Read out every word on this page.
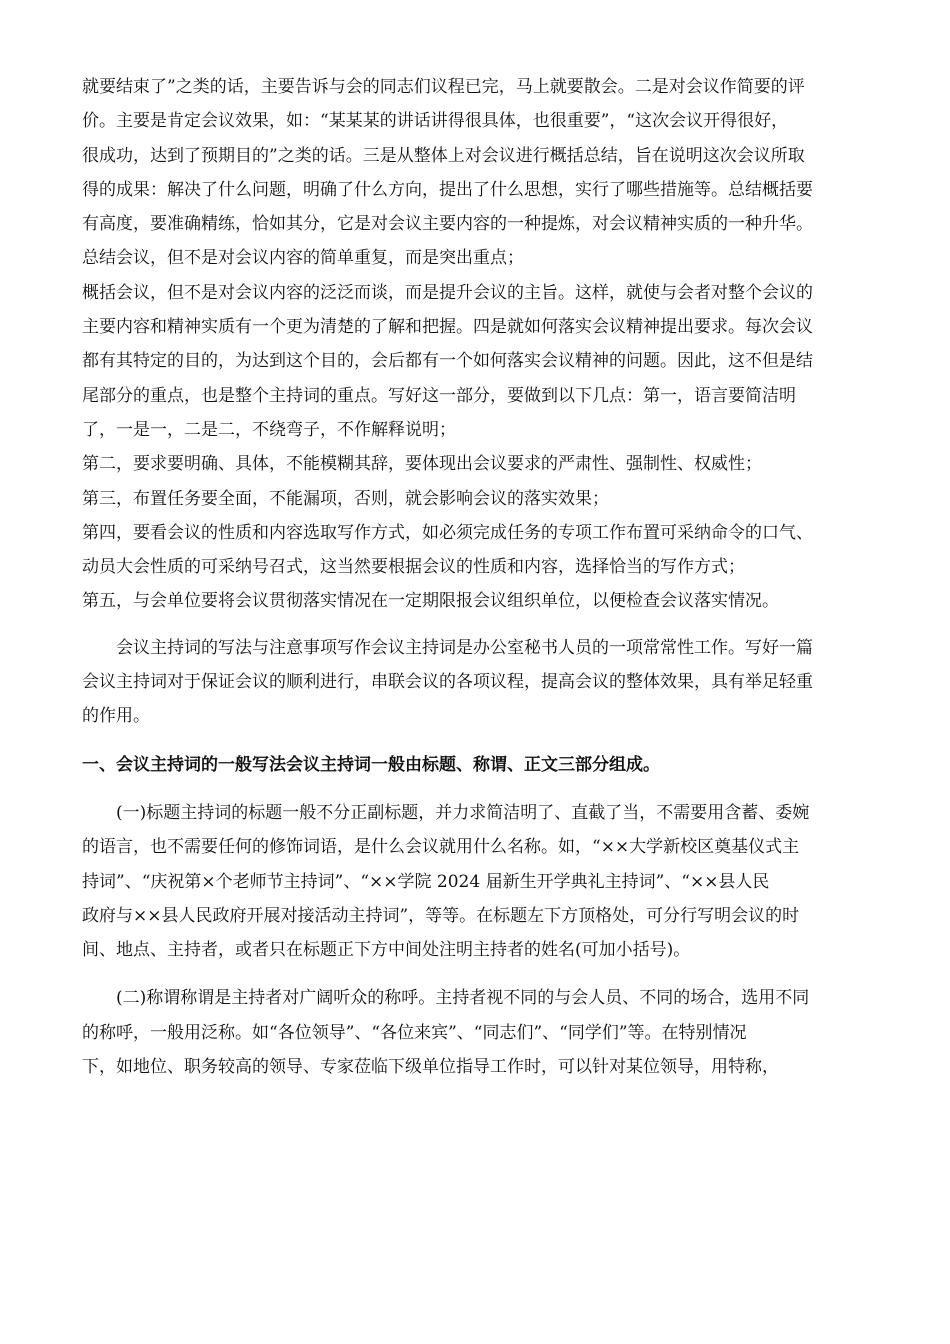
就要结束了”之类的话，主要告诉与会的同志们议程已完，马上就要散会。二是对会议作简要的评
价。主要是肯定会议效果，如：“某某某的讲话讲得很具体，也很重要”，“这次会议开得很好，
很成功，达到了预期目的”之类的话。三是从整体上对会议进行概括总结，旨在说明这次会议所取
得的成果：解决了什么问题，明确了什么方向，提出了什么思想，实行了哪些措施等。总结概括要
有高度，要准确精练，恰如其分，它是对会议主要内容的一种提炼，对会议精神实质的一种升华。
总结会议，但不是对会议内容的简单重复，而是突出重点；
概括会议，但不是对会议内容的泛泛而谈，而是提升会议的主旨。这样，就使与会者对整个会议的
主要内容和精神实质有一个更为清楚的了解和把握。四是就如何落实会议精神提出要求。每次会议
都有其特定的目的，为达到这个目的，会后都有一个如何落实会议精神的问题。因此，这不但是结
尾部分的重点，也是整个主持词的重点。写好这一部分，要做到以下几点：第一，语言要简洁明
了，一是一，二是二，不绕弯子，不作解释说明；
第二，要求要明确、具体，不能模糊其辞，要体现出会议要求的严肃性、强制性、权威性；
第三，布置任务要全面，不能漏项，否则，就会影响会议的落实效果；
第四，要看会议的性质和内容选取写作方式，如必须完成任务的专项工作布置可采纳命令的口气、
动员大会性质的可采纳号召式，这当然要根据会议的性质和内容，选择恰当的写作方式；
第五，与会单位要将会议贯彻落实情况在一定期限报会议组织单位，以便检查会议落实情况。
　　会议主持词的写法与注意事项写作会议主持词是办公室秘书人员的一项常常性工作。写好一篇
会议主持词对于保证会议的顺利进行，串联会议的各项议程，提高会议的整体效果，具有举足轻重
的作用。
一、会议主持词的一般写法会议主持词一般由标题、称谓、正文三部分组成。
　　(一)标题主持词的标题一般不分正副标题，并力求简洁明了、直截了当，不需要用含蓄、委婉
的语言，也不需要任何的修饰词语，是什么会议就用什么名称。如，“××大学新校区奠基仪式主
持词”、“庆祝第×个老师节主持词”、“××学院 2024 届新生开学典礼主持词”、“××县人民
政府与××县人民政府开展对接活动主持词”，等等。在标题左下方顶格处，可分行写明会议的时
间、地点、主持者，或者只在标题正下方中间处注明主持者的姓名(可加小括号)。
　　(二)称谓称谓是主持者对广阔听众的称呼。主持者视不同的与会人员、不同的场合，选用不同
的称呼，一般用泛称。如“各位领导”、“各位来宾”、“同志们”、“同学们”等。在特别情况
下，如地位、职务较高的领导、专家莅临下级单位指导工作时，可以针对某位领导，用特称，
